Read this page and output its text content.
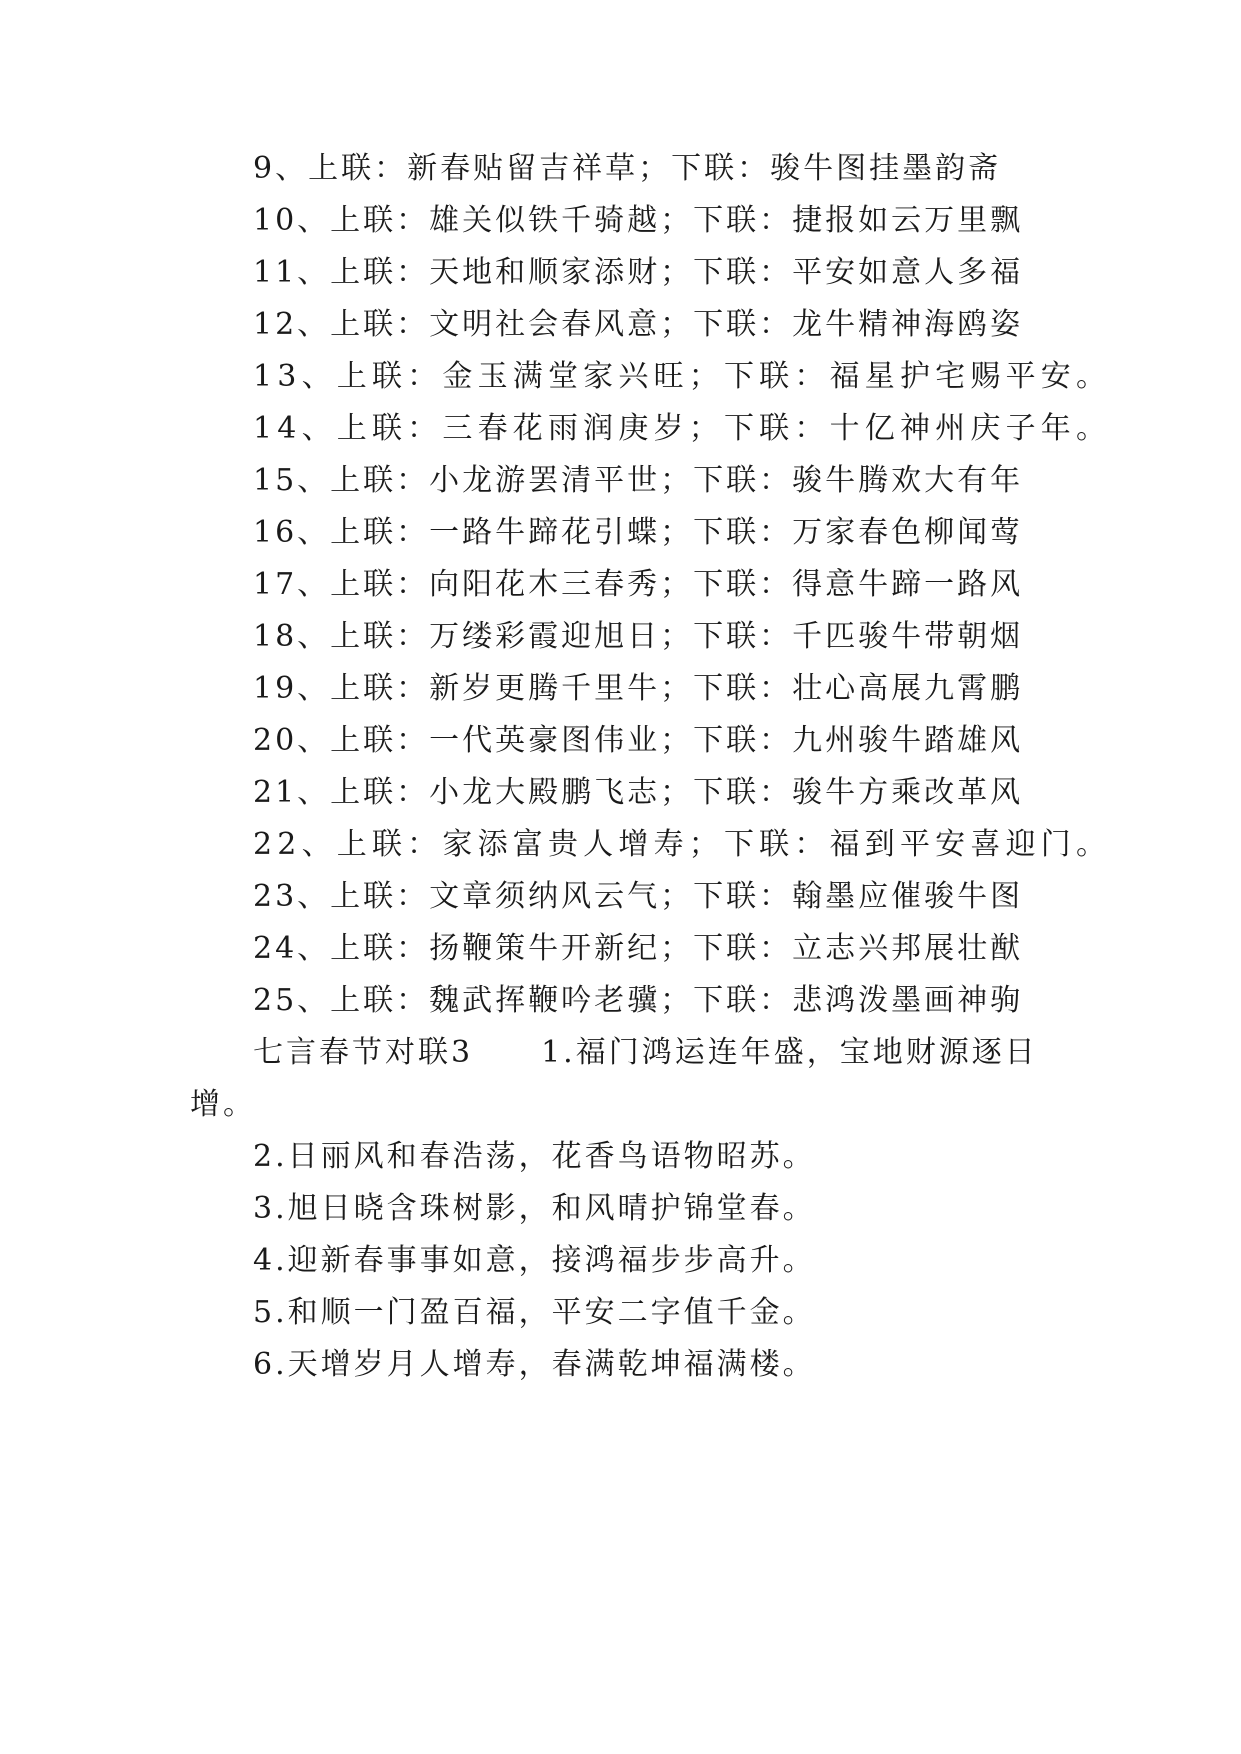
9、上联：新春贴留吉祥草；下联：骏牛图挂墨韵斋
10、上联：雄关似铁千骑越；下联：捷报如云万里飘
11、上联：天地和顺家添财；下联：平安如意人多福
12、上联：文明社会春风意；下联：龙牛精神海鸥姿
13、上联：金玉满堂家兴旺；下联：福星护宅赐平安。
14、上联：三春花雨润庚岁；下联：十亿神州庆子年。
15、上联：小龙游罢清平世；下联：骏牛腾欢大有年
16、上联：一路牛蹄花引蝶；下联：万家春色柳闻莺
17、上联：向阳花木三春秀；下联：得意牛蹄一路风
18、上联：万缕彩霞迎旭日；下联：千匹骏牛带朝烟
19、上联：新岁更腾千里牛；下联：壮心高展九霄鹏
20、上联：一代英豪图伟业；下联：九州骏牛踏雄风
21、上联：小龙大殿鹏飞志；下联：骏牛方乘改革风
22、上联：家添富贵人增寿；下联：福到平安喜迎门。
23、上联：文章须纳风云气；下联：翰墨应催骏牛图
24、上联：扬鞭策牛开新纪；下联：立志兴邦展壮猷
25、上联：魏武挥鞭吟老骥；下联：悲鸿泼墨画神驹
七言春节对联3 1.福门鸿运连年盛，宝地财源逐日
增。
2.日丽风和春浩荡，花香鸟语物昭苏。
3.旭日晓含珠树影，和风晴护锦堂春。
4.迎新春事事如意，接鸿福步步高升。
5.和顺一门盈百福，平安二字值千金。
6.天增岁月人增寿，春满乾坤福满楼。
